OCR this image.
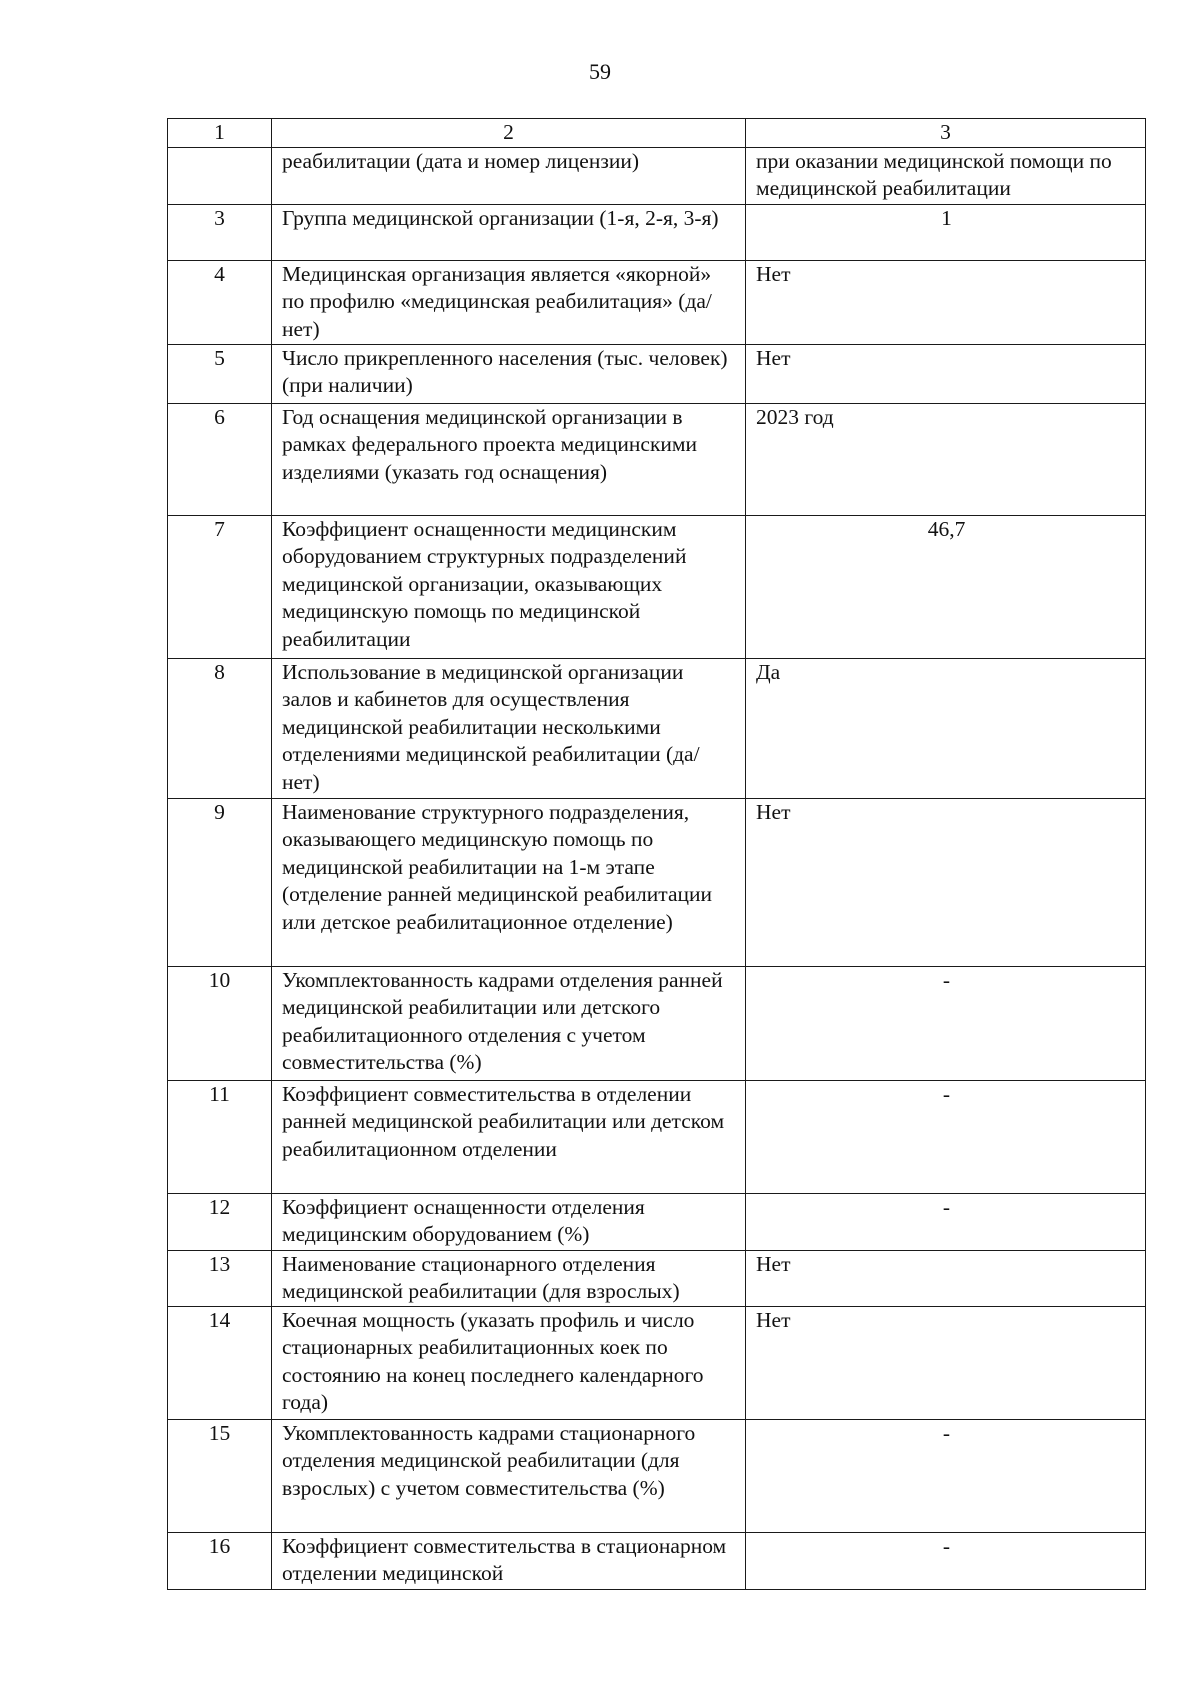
59
1	2	3
	реабилитации (дата и номер лицензии)	при оказании медицинской помощи по медицинской реабилитации
3	Группа медицинской организации (1-я, 2-я, 3-я)	1
4	Медицинская организация является «якорной» по профилю «медицинская реабилитация» (да/нет)	Нет
5	Число прикрепленного населения (тыс. человек) (при наличии)	Нет
6	Год оснащения медицинской организации в рамках федерального проекта медицинскими изделиями (указать год оснащения)	2023 год
7	Коэффициент оснащенности медицинским оборудованием структурных подразделений медицинской организации, оказывающих медицинскую помощь по медицинской реабилитации	46,7
8	Использование в медицинской организации залов и кабинетов для осуществления медицинской реабилитации несколькими отделениями медицинской реабилитации (да/нет)	Да
9	Наименование структурного подразделения, оказывающего медицинскую помощь по медицинской реабилитации на 1-м этапе (отделение ранней медицинской реабилитации или детское реабилитационное отделение)	Нет
10	Укомплектованность кадрами отделения ранней медицинской реабилитации или детского реабилитационного отделения с учетом совместительства (%)	-
11	Коэффициент совместительства в отделении ранней медицинской реабилитации или детском реабилитационном отделении	-
12	Коэффициент оснащенности отделения медицинским оборудованием (%)	-
13	Наименование стационарного отделения медицинской реабилитации (для взрослых)	Нет
14	Коечная мощность (указать профиль и число стационарных реабилитационных коек по состоянию на конец последнего календарного года)	Нет
15	Укомплектованность кадрами стационарного отделения медицинской реабилитации (для взрослых) с учетом совместительства (%)	-
16	Коэффициент совместительства в стационарном отделении медицинской	-
